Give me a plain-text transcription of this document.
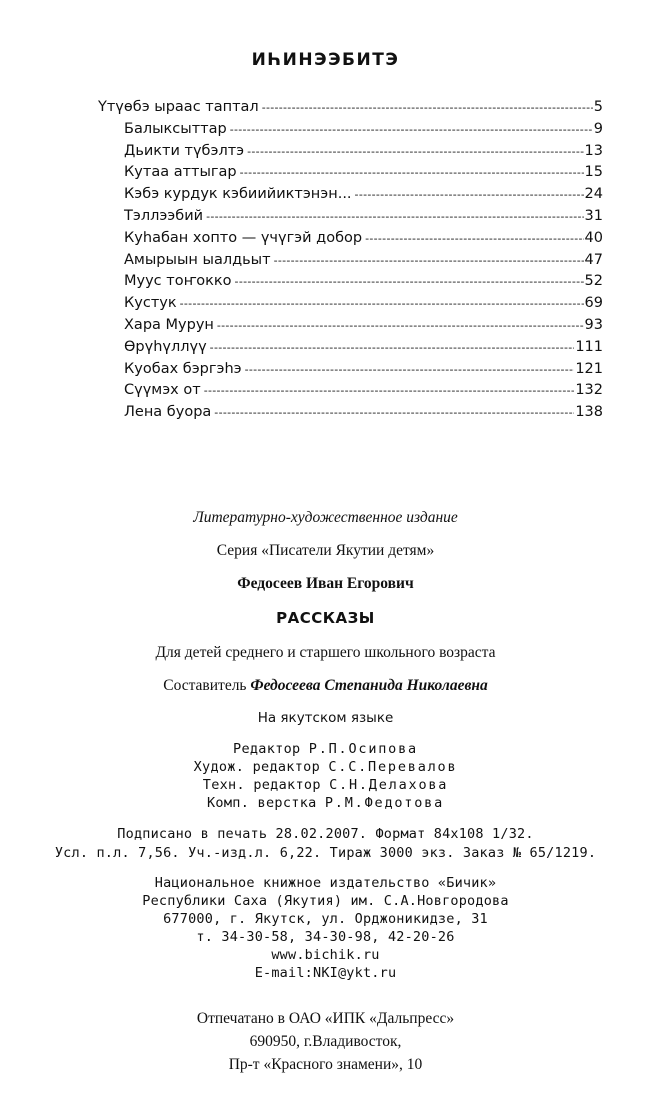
ИҺИНЭЭБИТЭ
Үтүөбэ ыраас таптал -----	5
Балыксыттар -----	9
Дьикти түбэлтэ -----	13
Кутаа аттыгар -----	15
Кэбэ курдук кэбиийиктэнэн... -----	24
Тэллээбий -----	31
Куһабан хопто — үчүгэй добор -----	40
Амырыын ыалдьыт -----	47
Муус тоҥокко -----	52
Кустук -----	69
Хара Мурун -----	93
Өрүһүллүү -----	111
Куобах бэргэһэ -----	121
Сүүмэх от -----	132
Лена буора -----	138
Литературно-художественное издание
Серия «Писатели Якутии детям»
Федосеев Иван Егорович
РАССКАЗЫ
Для детей среднего и старшего школьного возраста
Составитель Федосеева Степанида Николаевна
На якутском языке
Редактор Р.П.Осипова
Худож. редактор С.С.Перевалов
Техн. редактор С.Н.Делахова
Комп. верстка Р.М.Федотова
Подписано в печать 28.02.2007. Формат 84х108 1/32.
Усл. п.л. 7,56. Уч.-изд.л. 6,22. Тираж 3000 экз. Заказ № 65/1219.
Национальное книжное издательство «Бичик»
Республики Саха (Якутия) им. С.А.Новгородова
677000, г. Якутск, ул. Орджоникидзе, 31
т. 34-30-58, 34-30-98, 42-20-26
www.bichik.ru
E-mail:NKI@ykt.ru
Отпечатано в ОАО «ИПК «Дальпресс»
690950, г.Владивосток,
Пр-т «Красного знамени», 10
